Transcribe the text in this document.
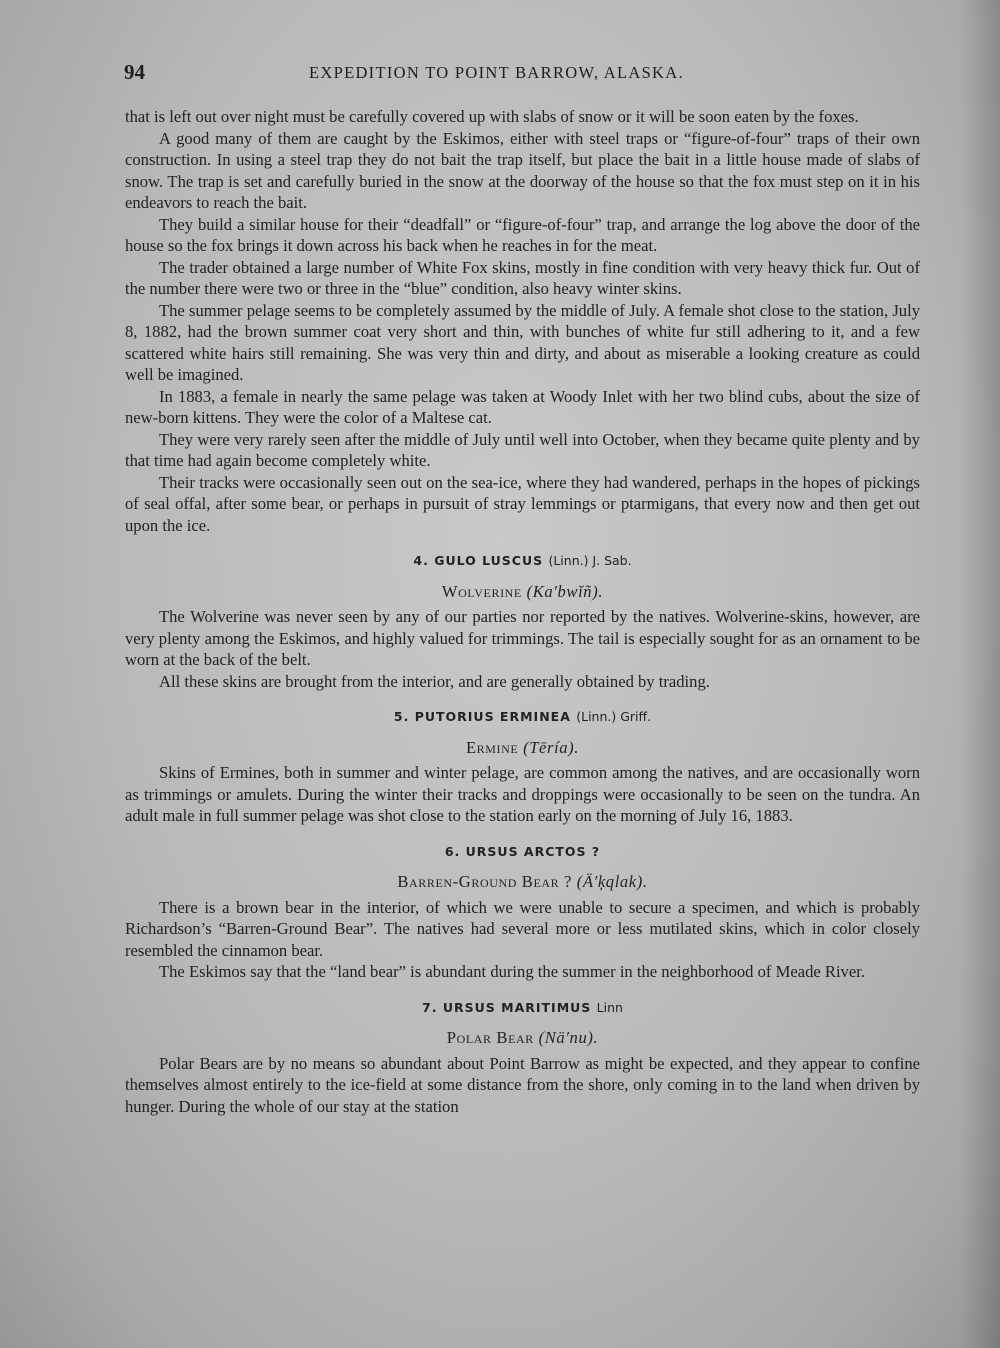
94	EXPEDITION TO POINT BARROW, ALASKA.

that is left out over night must be carefully covered up with slabs of snow or it will be soon eaten by the foxes.

A good many of them are caught by the Eskimos, either with steel traps or “figure-of-four” traps of their own construction. In using a steel trap they do not bait the trap itself, but place the bait in a little house made of slabs of snow. The trap is set and carefully buried in the snow at the doorway of the house so that the fox must step on it in his endeavors to reach the bait.

They build a similar house for their “deadfall” or “figure-of-four” trap, and arrange the log above the door of the house so the fox brings it down across his back when he reaches in for the meat.

The trader obtained a large number of White Fox skins, mostly in fine condition with very heavy thick fur. Out of the number there were two or three in the “blue” condition, also heavy winter skins.

The summer pelage seems to be completely assumed by the middle of July. A female shot close to the station, July 8, 1882, had the brown summer coat very short and thin, with bunches of white fur still adhering to it, and a few scattered white hairs still remaining. She was very thin and dirty, and about as miserable a looking creature as could well be imagined.

In 1883, a female in nearly the same pelage was taken at Woody Inlet with her two blind cubs, about the size of new-born kittens. They were the color of a Maltese cat.

They were very rarely seen after the middle of July until well into October, when they became quite plenty and by that time had again become completely white.

Their tracks were occasionally seen out on the sea-ice, where they had wandered, perhaps in the hopes of pickings of seal offal, after some bear, or perhaps in pursuit of stray lemmings or ptarmigans, that every now and then get out upon the ice.

4. GULO LUSCUS (Linn.) J. Sab.
Wolverine (Ka′bwĭñ).

The Wolverine was never seen by any of our parties nor reported by the natives. Wolverine-skins, however, are very plenty among the Eskimos, and highly valued for trimmings. The tail is especially sought for as an ornament to be worn at the back of the belt.

All these skins are brought from the interior, and are generally obtained by trading.

5. PUTORIUS ERMINEA (Linn.) Griff.
Ermine (Tēría).

Skins of Ermines, both in summer and winter pelage, are common among the natives, and are occasionally worn as trimmings or amulets. During the winter their tracks and droppings were occasionally to be seen on the tundra. An adult male in full summer pelage was shot close to the station early on the morning of July 16, 1883.

6. URSUS ARCTOS ?
Barren-Ground Bear ? (Ä′ķqlak).

There is a brown bear in the interior, of which we were unable to secure a specimen, and which is probably Richardson’s “Barren-Ground Bear”. The natives had several more or less mutilated skins, which in color closely resembled the cinnamon bear.

The Eskimos say that the “land bear” is abundant during the summer in the neighborhood of Meade River.

7. URSUS MARITIMUS Linn
Polar Bear (Nä′nu).

Polar Bears are by no means so abundant about Point Barrow as might be expected, and they appear to confine themselves almost entirely to the ice-field at some distance from the shore, only coming in to the land when driven by hunger. During the whole of our stay at the station
